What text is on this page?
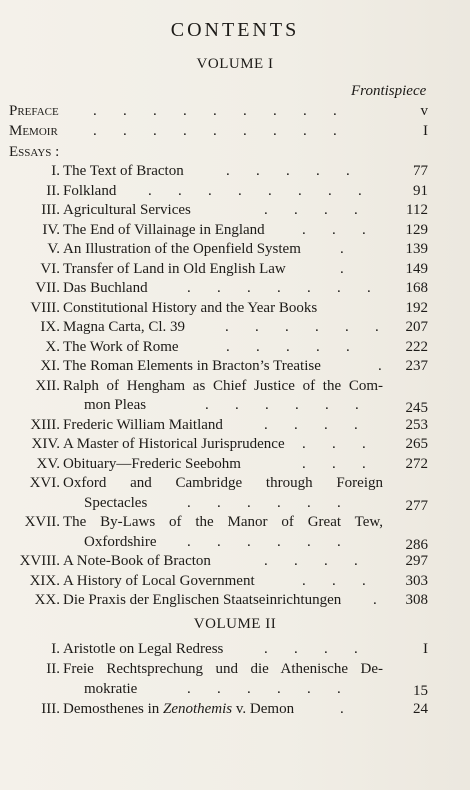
CONTENTS
VOLUME I
Frontispiece
Preface .       .       .       .       .       .       .       .       .	v
Memoir .       .       .       .       .       .       .       .       .	I
Essays :
I. The Text of Bracton	.       .       .       .       .	77
II. Folkland .       .       .       .       .       .       .       .	91
III. Agricultural Services	.       .       .       .	112
IV. The End of Villainage in England .       .       .	129
V. An Illustration of the Openfield System	.	139
VI. Transfer of Land in Old English Law	.	149
VII. Das Buchland	.       .       .       .       .       .       .	168
VIII. Constitutional History and the Year Books	192
IX. Magna Carta, Cl. 39	.       .       .       .       .       .	207
X. The Work of Rome	.       .       .       .       .	222
XI. The Roman Elements in Bracton’s Treatise	.	237
XII. Ralph of Hengham as Chief Justice of the Com-
mon Pleas	.       .       .       .       .       .	245
XIII. Frederic William Maitland	.       .       .       .	253
XIV. A Master of Historical Jurisprudence .       .       .	265
XV. Obituary—Frederic Seebohm	.       .       .	272
XVI. Oxford and Cambridge through Foreign
Spectacles	.       .       .       .       .       .	277
XVII. The By-Laws of the Manor of Great Tew,
Oxfordshire .       .       .       .       .       .	286
XVIII. A Note-Book of Bracton	.       .       .       .	297
XIX. A History of Local Government	.       .       .	303
XX. Die Praxis der Englischen Staatseinrichtungen .	308
VOLUME II
I. Aristotle on Legal Redress	.       .       .       .	I
II. Freie Rechtsprechung und die Athenische De-
mokratie	.       .       .       .       .       .	15
III. Demosthenes in Zenothemis v. Demon	.	24
